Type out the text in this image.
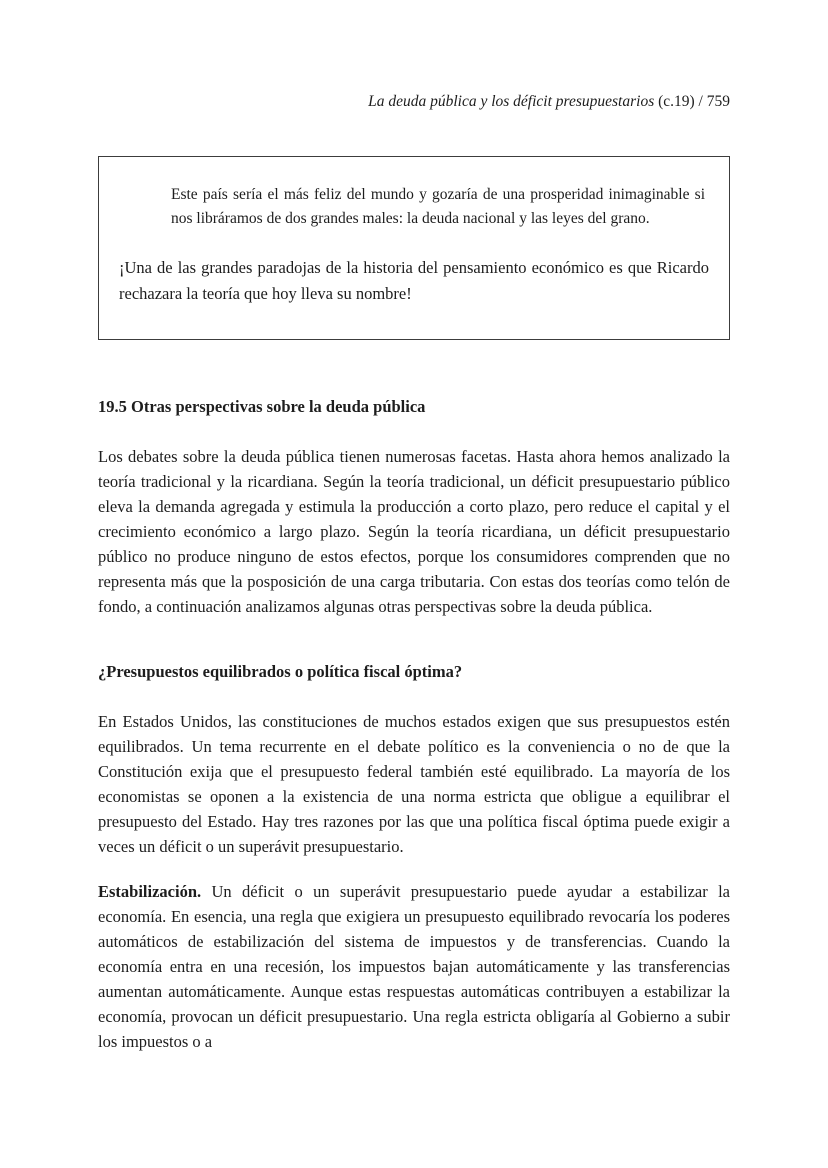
La deuda pública y los déficit presupuestarios (c.19) / 759

Este país sería el más feliz del mundo y gozaría de una prosperidad inimaginable si nos libráramos de dos grandes males: la deuda nacional y las leyes del grano.

¡Una de las grandes paradojas de la historia del pensamiento económico es que Ricardo rechazara la teoría que hoy lleva su nombre!

19.5 Otras perspectivas sobre la deuda pública

Los debates sobre la deuda pública tienen numerosas facetas. Hasta ahora hemos analizado la teoría tradicional y la ricardiana. Según la teoría tradicional, un déficit presupuestario público eleva la demanda agregada y estimula la producción a corto plazo, pero reduce el capital y el crecimiento económico a largo plazo. Según la teoría ricardiana, un déficit presupuestario público no produce ninguno de estos efectos, porque los consumidores comprenden que no representa más que la posposición de una carga tributaria. Con estas dos teorías como telón de fondo, a continuación analizamos algunas otras perspectivas sobre la deuda pública.

¿Presupuestos equilibrados o política fiscal óptima?

En Estados Unidos, las constituciones de muchos estados exigen que sus presupuestos estén equilibrados. Un tema recurrente en el debate político es la conveniencia o no de que la Constitución exija que el presupuesto federal también esté equilibrado. La mayoría de los economistas se oponen a la existencia de una norma estricta que obligue a equilibrar el presupuesto del Estado. Hay tres razones por las que una política fiscal óptima puede exigir a veces un déficit o un superávit presupuestario.

Estabilización. Un déficit o un superávit presupuestario puede ayudar a estabilizar la economía. En esencia, una regla que exigiera un presupuesto equilibrado revocaría los poderes automáticos de estabilización del sistema de impuestos y de transferencias. Cuando la economía entra en una recesión, los impuestos bajan automáticamente y las transferencias aumentan automáticamente. Aunque estas respuestas automáticas contribuyen a estabilizar la economía, provocan un déficit presupuestario. Una regla estricta obligaría al Gobierno a subir los impuestos o a
